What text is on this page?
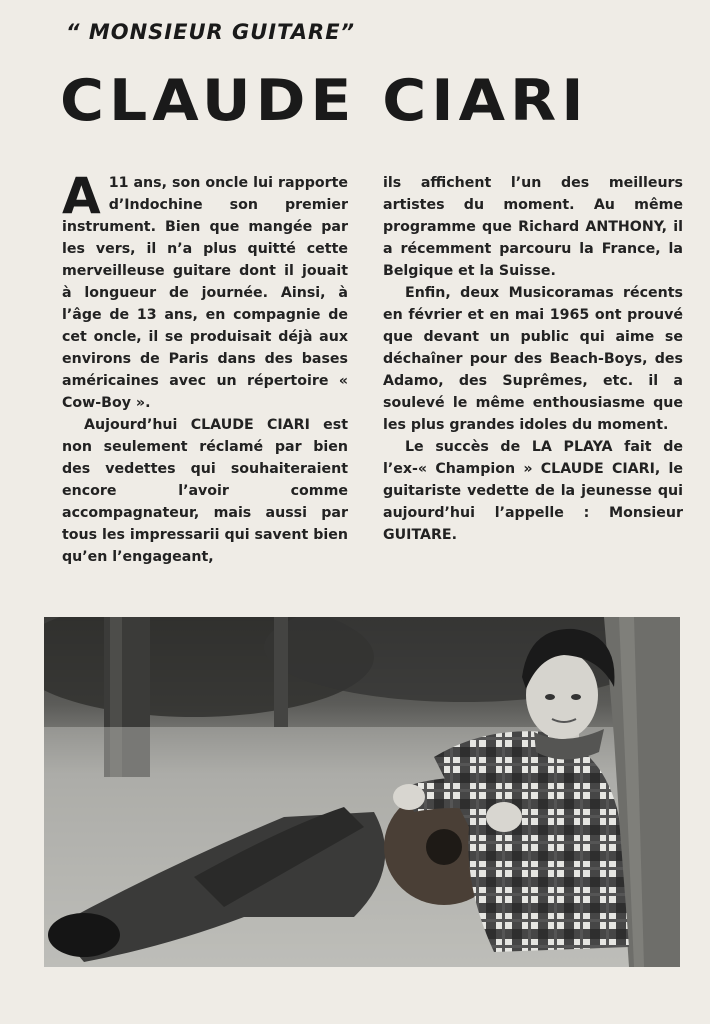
“ MONSIEUR GUITARE”
CLAUDE CIARI

A 11 ans, son oncle lui rapporte d’Indochine son premier instrument. Bien que mangée par les vers, il n’a plus quitté cette merveilleuse guitare dont il jouait à longueur de journée. Ainsi, à l’âge de 13 ans, en compagnie de cet oncle, il se produisait déjà aux environs de Paris dans des bases américaines avec un répertoire « Cow-Boy ».

Aujourd’hui CLAUDE CIARI est non seulement réclamé par bien des vedettes qui souhaiteraient encore l’avoir comme accompagnateur, mais aussi par tous les impressarii qui savent bien qu’en l’engageant,

ils affichent l’un des meilleurs artistes du moment. Au même programme que Richard ANTHONY, il a récemment parcouru la France, la Belgique et la Suisse.

Enfin, deux Musicoramas récents en février et en mai 1965 ont prouvé que devant un public qui aime se déchaîner pour des Beach-Boys, des Adamo, des Suprêmes, etc. il a soulevé le même enthousiasme que les plus grandes idoles du moment.

Le succès de LA PLAYA fait de l’ex-« Champion » CLAUDE CIARI, le guitariste vedette de la jeunesse qui aujourd’hui l’appelle : Monsieur GUITARE.
